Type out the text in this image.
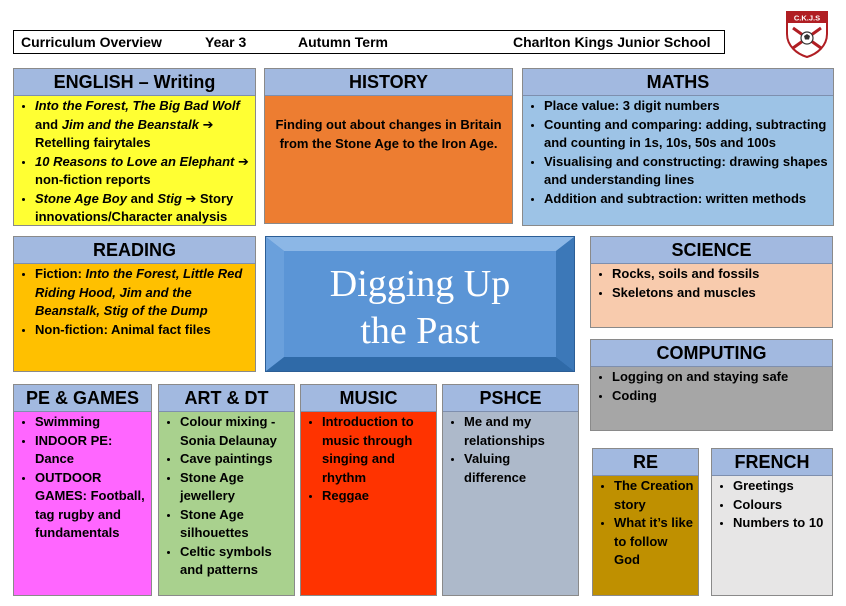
Curriculum Overview	Year 3	Autumn Term	Charlton Kings Junior School
C.K.J.S
ENGLISH – Writing
• Into the Forest, The Big Bad Wolf and Jim and the Beanstalk ➔ Retelling fairytales
• 10 Reasons to Love an Elephant ➔ non-fiction reports
• Stone Age Boy and Stig ➔ Story innovations/Character analysis
HISTORY
Finding out about changes in Britain from the Stone Age to the Iron Age.
MATHS
• Place value: 3 digit numbers
• Counting and comparing: adding, subtracting and counting in 1s, 10s, 50s and 100s
• Visualising and constructing: drawing shapes and understanding lines
• Addition and subtraction: written methods
READING
• Fiction: Into the Forest, Little Red Riding Hood, Jim and the Beanstalk, Stig of the Dump
• Non-fiction: Animal fact files
Digging Up
the Past
SCIENCE
• Rocks, soils and fossils
• Skeletons and muscles
COMPUTING
• Logging on and staying safe
• Coding
PE & GAMES
• Swimming
• INDOOR PE: Dance
• OUTDOOR GAMES: Football, tag rugby and fundamentals
ART & DT
• Colour mixing - Sonia Delaunay
• Cave paintings
• Stone Age jewellery
• Stone Age silhouettes
• Celtic symbols and patterns
MUSIC
• Introduction to music through singing and rhythm
• Reggae
PSHCE
• Me and my relationships
• Valuing difference
RE
• The Creation story
• What it’s like to follow God
FRENCH
• Greetings
• Colours
• Numbers to 10
